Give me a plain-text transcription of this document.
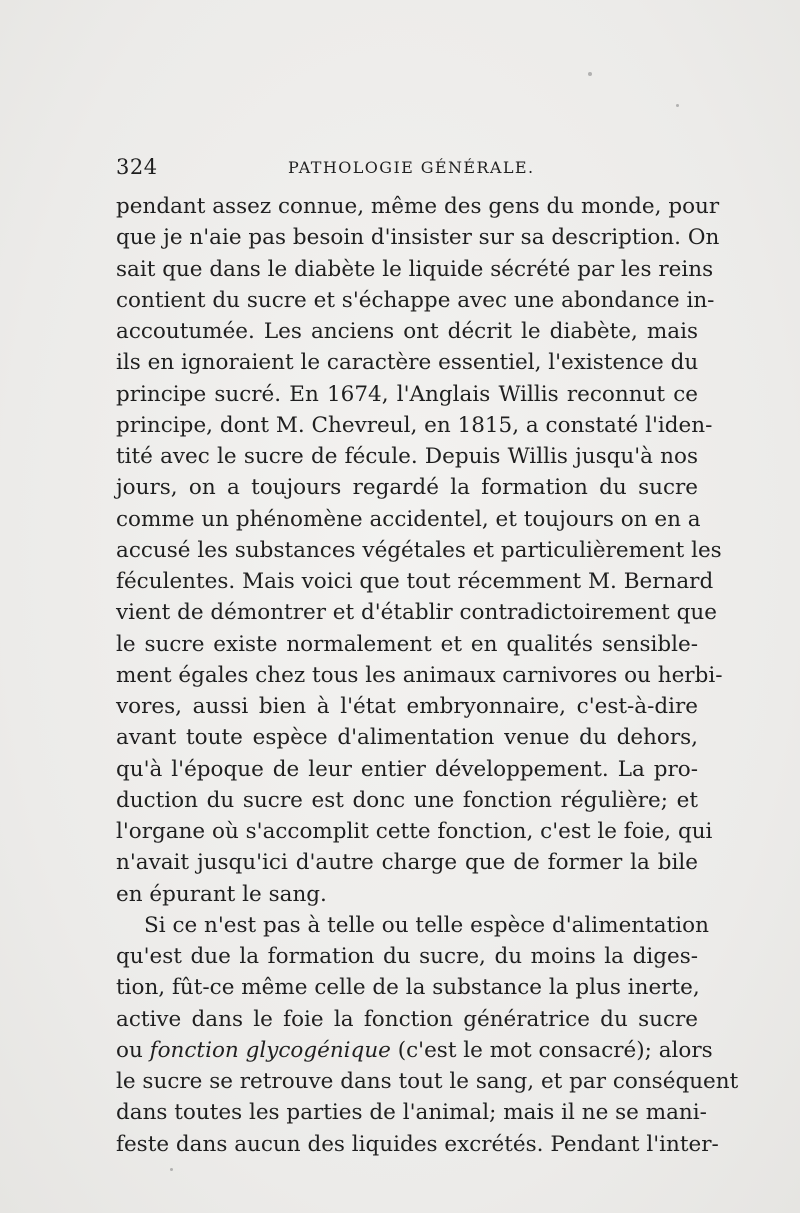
324	PATHOLOGIE GÉNÉRALE.
pendant assez connue, même des gens du monde, pour
que je n'aie pas besoin d'insister sur sa description. On
sait que dans le diabète le liquide sécrété par les reins
contient du sucre et s'échappe avec une abondance in-
accoutumée. Les anciens ont décrit le diabète, mais
ils en ignoraient le caractère essentiel, l'existence du
principe sucré. En 1674, l'Anglais Willis reconnut ce
principe, dont M. Chevreul, en 1815, a constaté l'iden-
tité avec le sucre de fécule. Depuis Willis jusqu'à nos
jours, on a toujours regardé la formation du sucre
comme un phénomène accidentel, et toujours on en a
accusé les substances végétales et particulièrement les
féculentes. Mais voici que tout récemment M. Bernard
vient de démontrer et d'établir contradictoirement que
le sucre existe normalement et en qualités sensible-
ment égales chez tous les animaux carnivores ou herbi-
vores, aussi bien à l'état embryonnaire, c'est-à-dire
avant toute espèce d'alimentation venue du dehors,
qu'à l'époque de leur entier développement. La pro-
duction du sucre est donc une fonction régulière; et
l'organe où s'accomplit cette fonction, c'est le foie, qui
n'avait jusqu'ici d'autre charge que de former la bile
en épurant le sang.
Si ce n'est pas à telle ou telle espèce d'alimentation
qu'est due la formation du sucre, du moins la diges-
tion, fût-ce même celle de la substance la plus inerte,
active dans le foie la fonction génératrice du sucre
ou fonction glycogénique (c'est le mot consacré); alors
le sucre se retrouve dans tout le sang, et par conséquent
dans toutes les parties de l'animal; mais il ne se mani-
feste dans aucun des liquides excrétés. Pendant l'inter-
